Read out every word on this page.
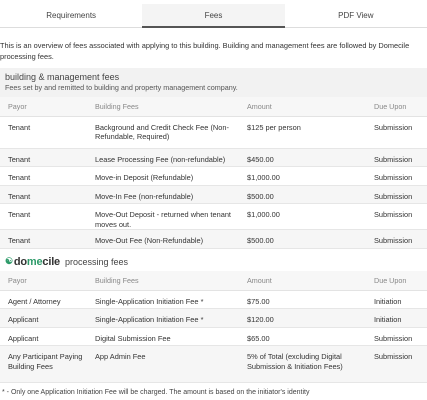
Requirements	Fees	PDF View
This is an overview of fees associated with applying to this building. Building and management fees are followed by Domecile processing fees.
building & management fees
Fees set by and remitted to building and property management company.
Payor	Building Fees	Amount	Due Upon
Tenant	Background and Credit Check Fee (Non-Refundable, Required)	$125 per person	Submission
Tenant	Lease Processing Fee (non-refundable)	$450.00	Submission
Tenant	Move-in Deposit (Refundable)	$1,000.00	Submission
Tenant	Move-In Fee (non-refundable)	$500.00	Submission
Tenant	Move-Out Deposit - returned when tenant moves out.	$1,000.00	Submission
Tenant	Move-Out Fee (Non-Refundable)	$500.00	Submission
☯ do me cile processing fees
Payor	Building Fees	Amount	Due Upon
Agent / Attorney	Single-Application Initiation Fee *	$75.00	Initiation
Applicant	Single-Application Initiation Fee *	$120.00	Initiation
Applicant	Digital Submission Fee	$65.00	Submission
Any Participant Paying Building Fees	App Admin Fee	5% of Total (excluding Digital Submission & Initiation Fees)	Submission
* - Only one Application Initiation Fee will be charged. The amount is based on the initiator's identity
